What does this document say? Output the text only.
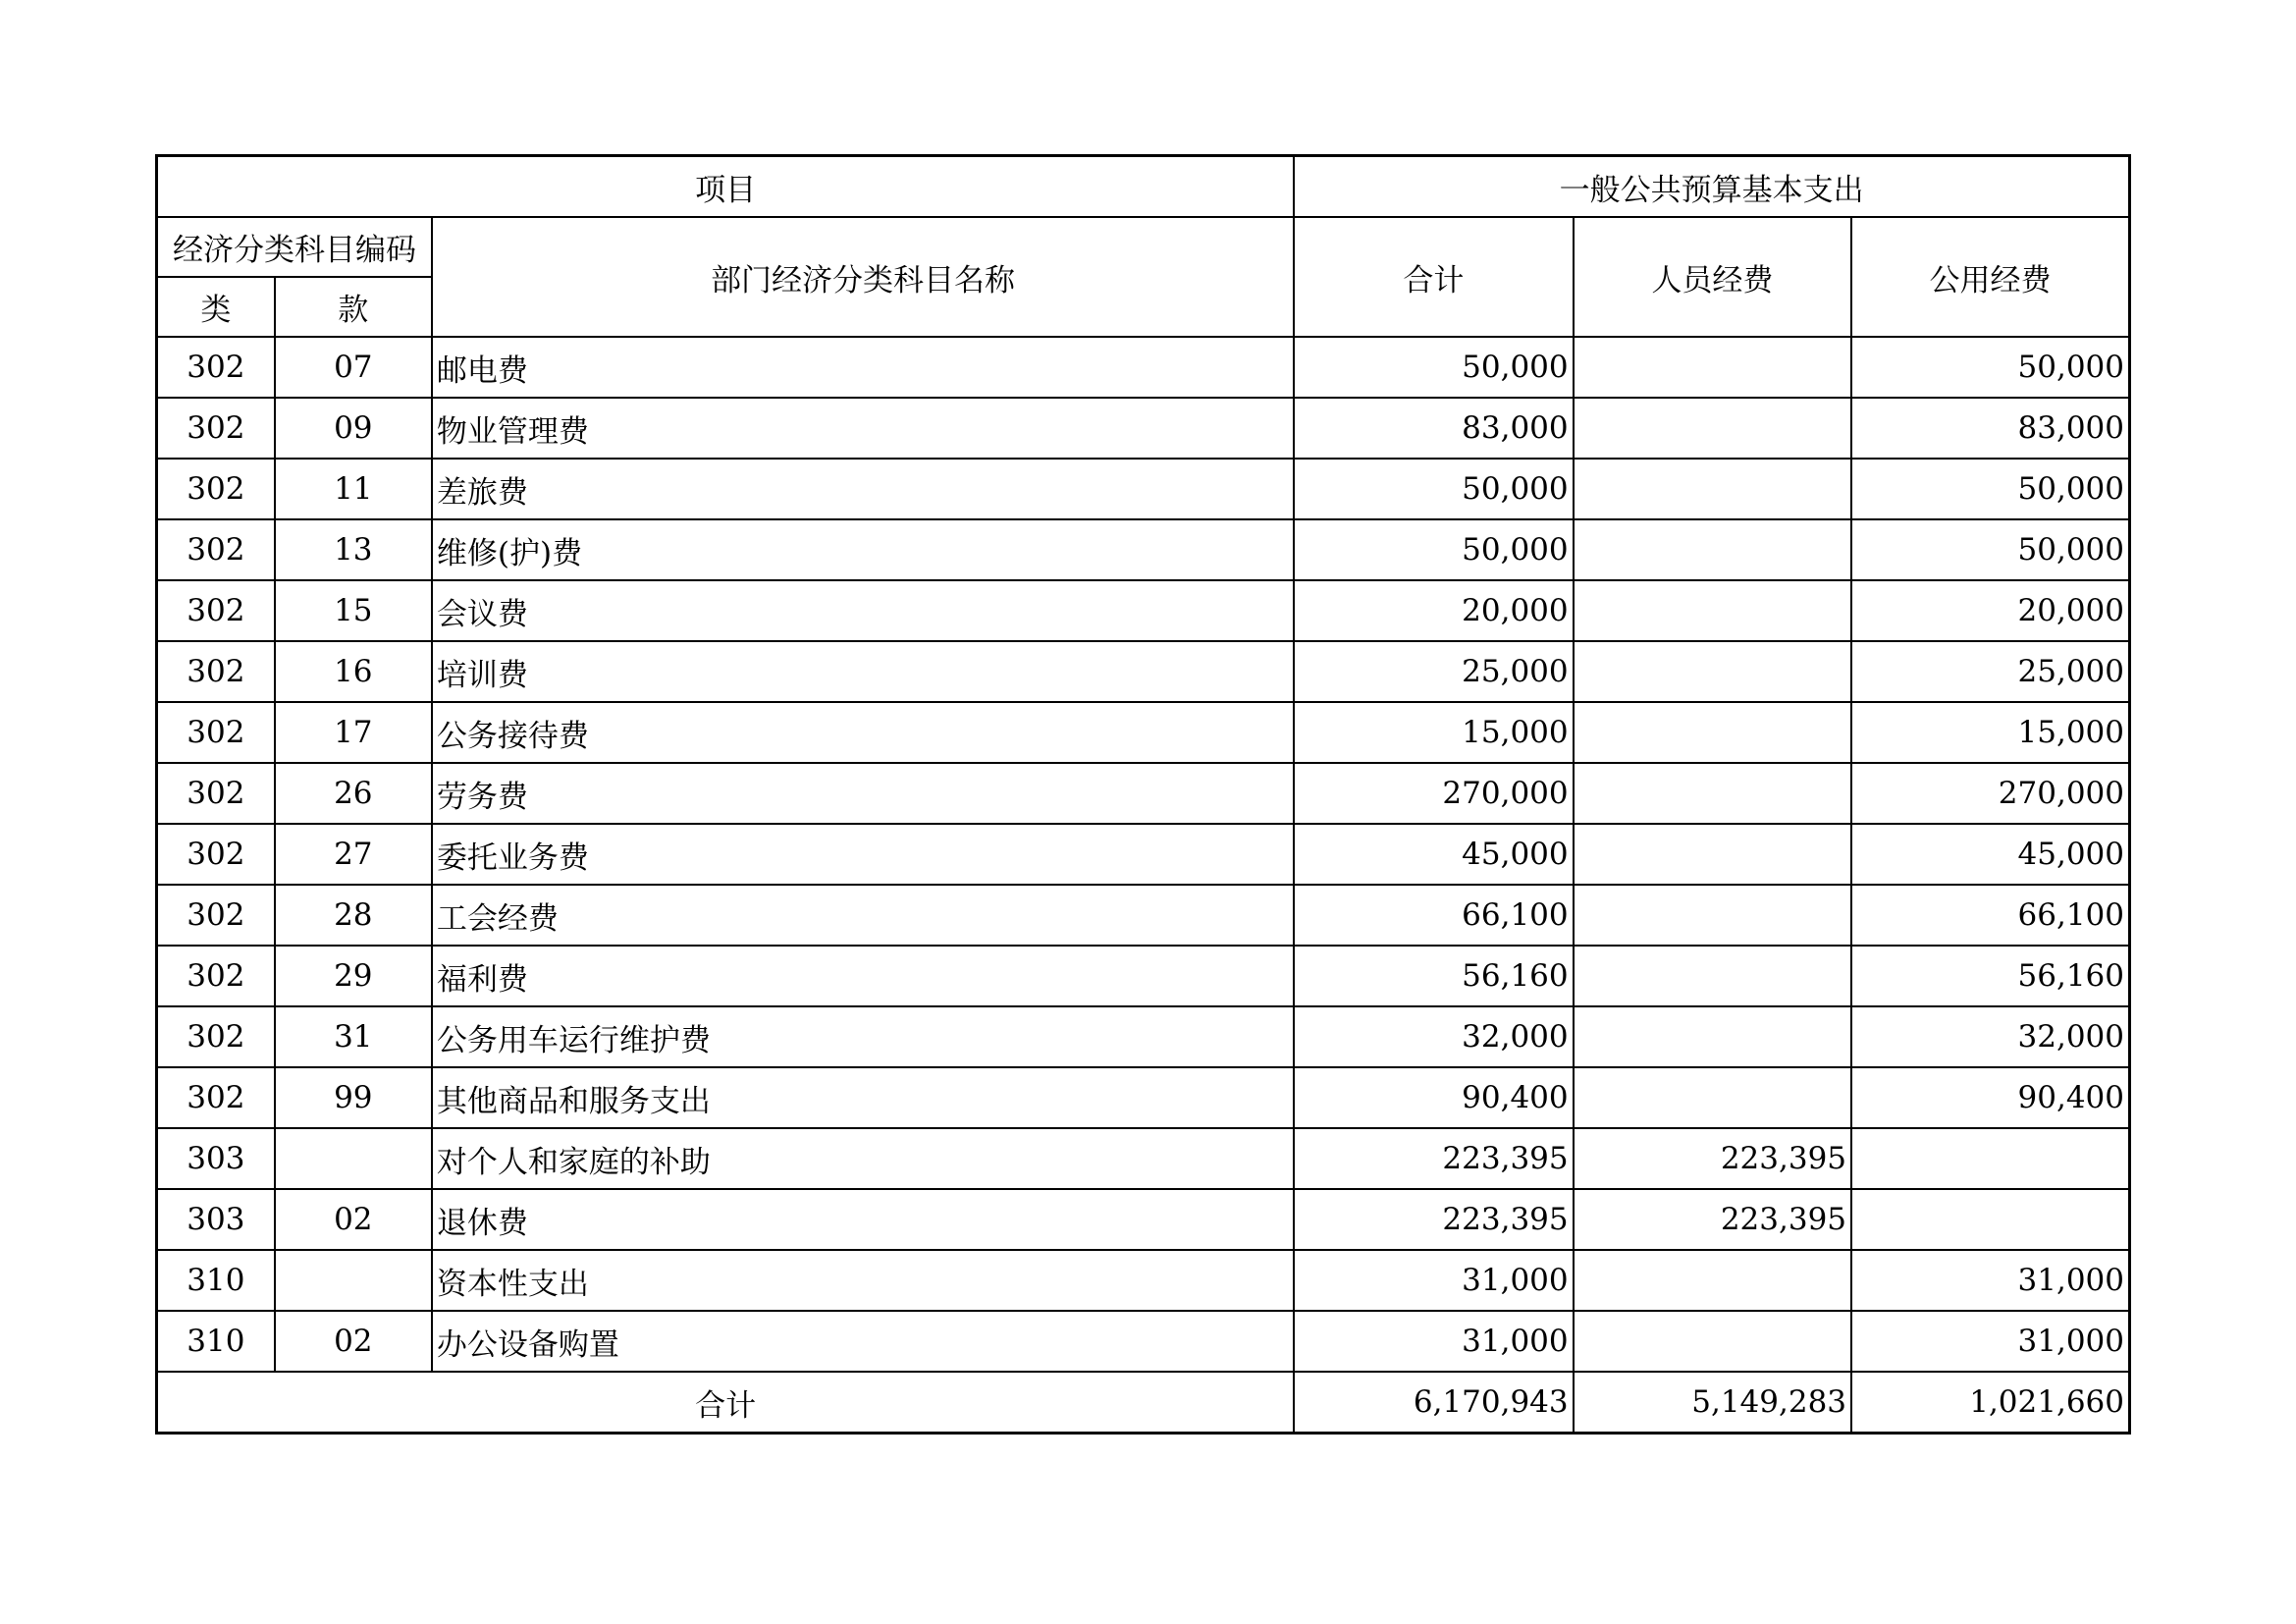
项目			一般公共预算基本支出		
经济分类科目编码		部门经济分类科目名称	合计	人员经费	公用经费
类	款				
302	07	邮电费	50,000		50,000
302	09	物业管理费	83,000		83,000
302	11	差旅费	50,000		50,000
302	13	维修(护)费	50,000		50,000
302	15	会议费	20,000		20,000
302	16	培训费	25,000		25,000
302	17	公务接待费	15,000		15,000
302	26	劳务费	270,000		270,000
302	27	委托业务费	45,000		45,000
302	28	工会经费	66,100		66,100
302	29	福利费	56,160		56,160
302	31	公务用车运行维护费	32,000		32,000
302	99	其他商品和服务支出	90,400		90,400
303		对个人和家庭的补助	223,395	223,395	
303	02	退休费	223,395	223,395	
310		资本性支出	31,000		31,000
310	02	办公设备购置	31,000		31,000
合计			6,170,943	5,149,283	1,021,660
